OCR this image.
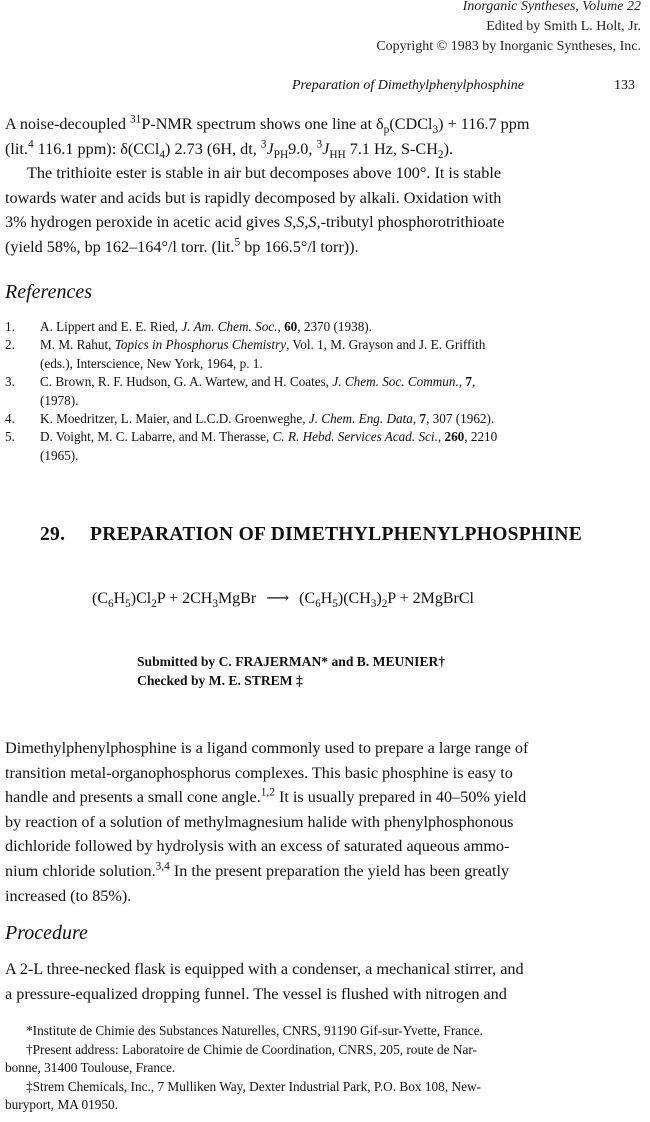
Inorganic Syntheses, Volume 22
Edited by Smith L. Holt, Jr.
Copyright © 1983 by Inorganic Syntheses, Inc.
Preparation of Dimethylphenylphosphine	133

A noise-decoupled $^{31}$P-NMR spectrum shows one line at $\delta_p(CDCl_3) + 116.7$ ppm

(lit.$^4$ 116.1 ppm): δ(CCl$_4$) 2.73 (6H, dt, $^3J_{PH}9.0$, $^3J_{HH}$ 7.1 Hz, $S-CH_2$).

The trithioite ester is stable in air but decomposes above 100°. It is stable

towards water and acids but is rapidly decomposed by alkali. Oxidation with

3% hydrogen peroxide in acetic acid gives S,S,S,-tributyl phosphorotrithioate

(yield 58%, bp 162–164°/l torr. (lit.$^5$ bp 166.5°/l torr)).

References

1. A. Lippert and E. E. Ried, J. Am. Chem. Soc., 60, 2370 (1938).

2. M. M. Rahut, Topics in Phosphorus Chemistry, Vol. 1, M. Grayson and J. E. Griffith

(eds.), Interscience, New York, 1964, p. 1.

3. C. Brown, R. F. Hudson, G. A. Wartew, and H. Coates, J. Chem. Soc. Commun., 7,

(1978).

4. K. Moedritzer, L. Maier, and L.C.D. Groenweghe, J. Chem. Eng. Data, 7, 307 (1962).

5. D. Voight, M. C. Labarre, and M. Therasse, C. R. Hebd. Services Acad. Sci., 260, 2210

(1965).

29. PREPARATION OF DIMETHYLPHENYLPHOSPHINE
$(C_6H_5)Cl_2P$ + $2CH_3MgBr$ ⟶ $(C_6H_5)(CH_3)_2P$ + 2MgBrCl
Submitted by C. FRAJERMAN* and B. MEUNIER†
Checked by M. E. STREM ‡

Dimethylphenylphosphine is a ligand commonly used to prepare a large range of

transition metal-organophosphorus complexes. This basic phosphine is easy to

handle and presents a small cone angle.$^{1,2}$ It is usually prepared in 40–50% yield

by reaction of a solution of methylmagnesium halide with phenylphosphonous

dichloride followed by hydrolysis with an excess of saturated aqueous ammo-

nium chloride solution.$^{3,4}$ In the present preparation the yield has been greatly

increased (to 85%).

Procedure

A 2-L three-necked flask is equipped with a condenser, a mechanical stirrer, and

a pressure-equalized dropping funnel. The vessel is flushed with nitrogen and

*Institute de Chimie des Substances Naturelles, CNRS, 91190 Gif-sur-Yvette, France.

†Present address: Laboratoire de Chimie de Coordination, CNRS, 205, route de Nar-

bonne, 31400 Toulouse, France.

‡Strem Chemicals, Inc., 7 Mulliken Way, Dexter Industrial Park, P.O. Box 108, New-

buryport, MA 01950.
